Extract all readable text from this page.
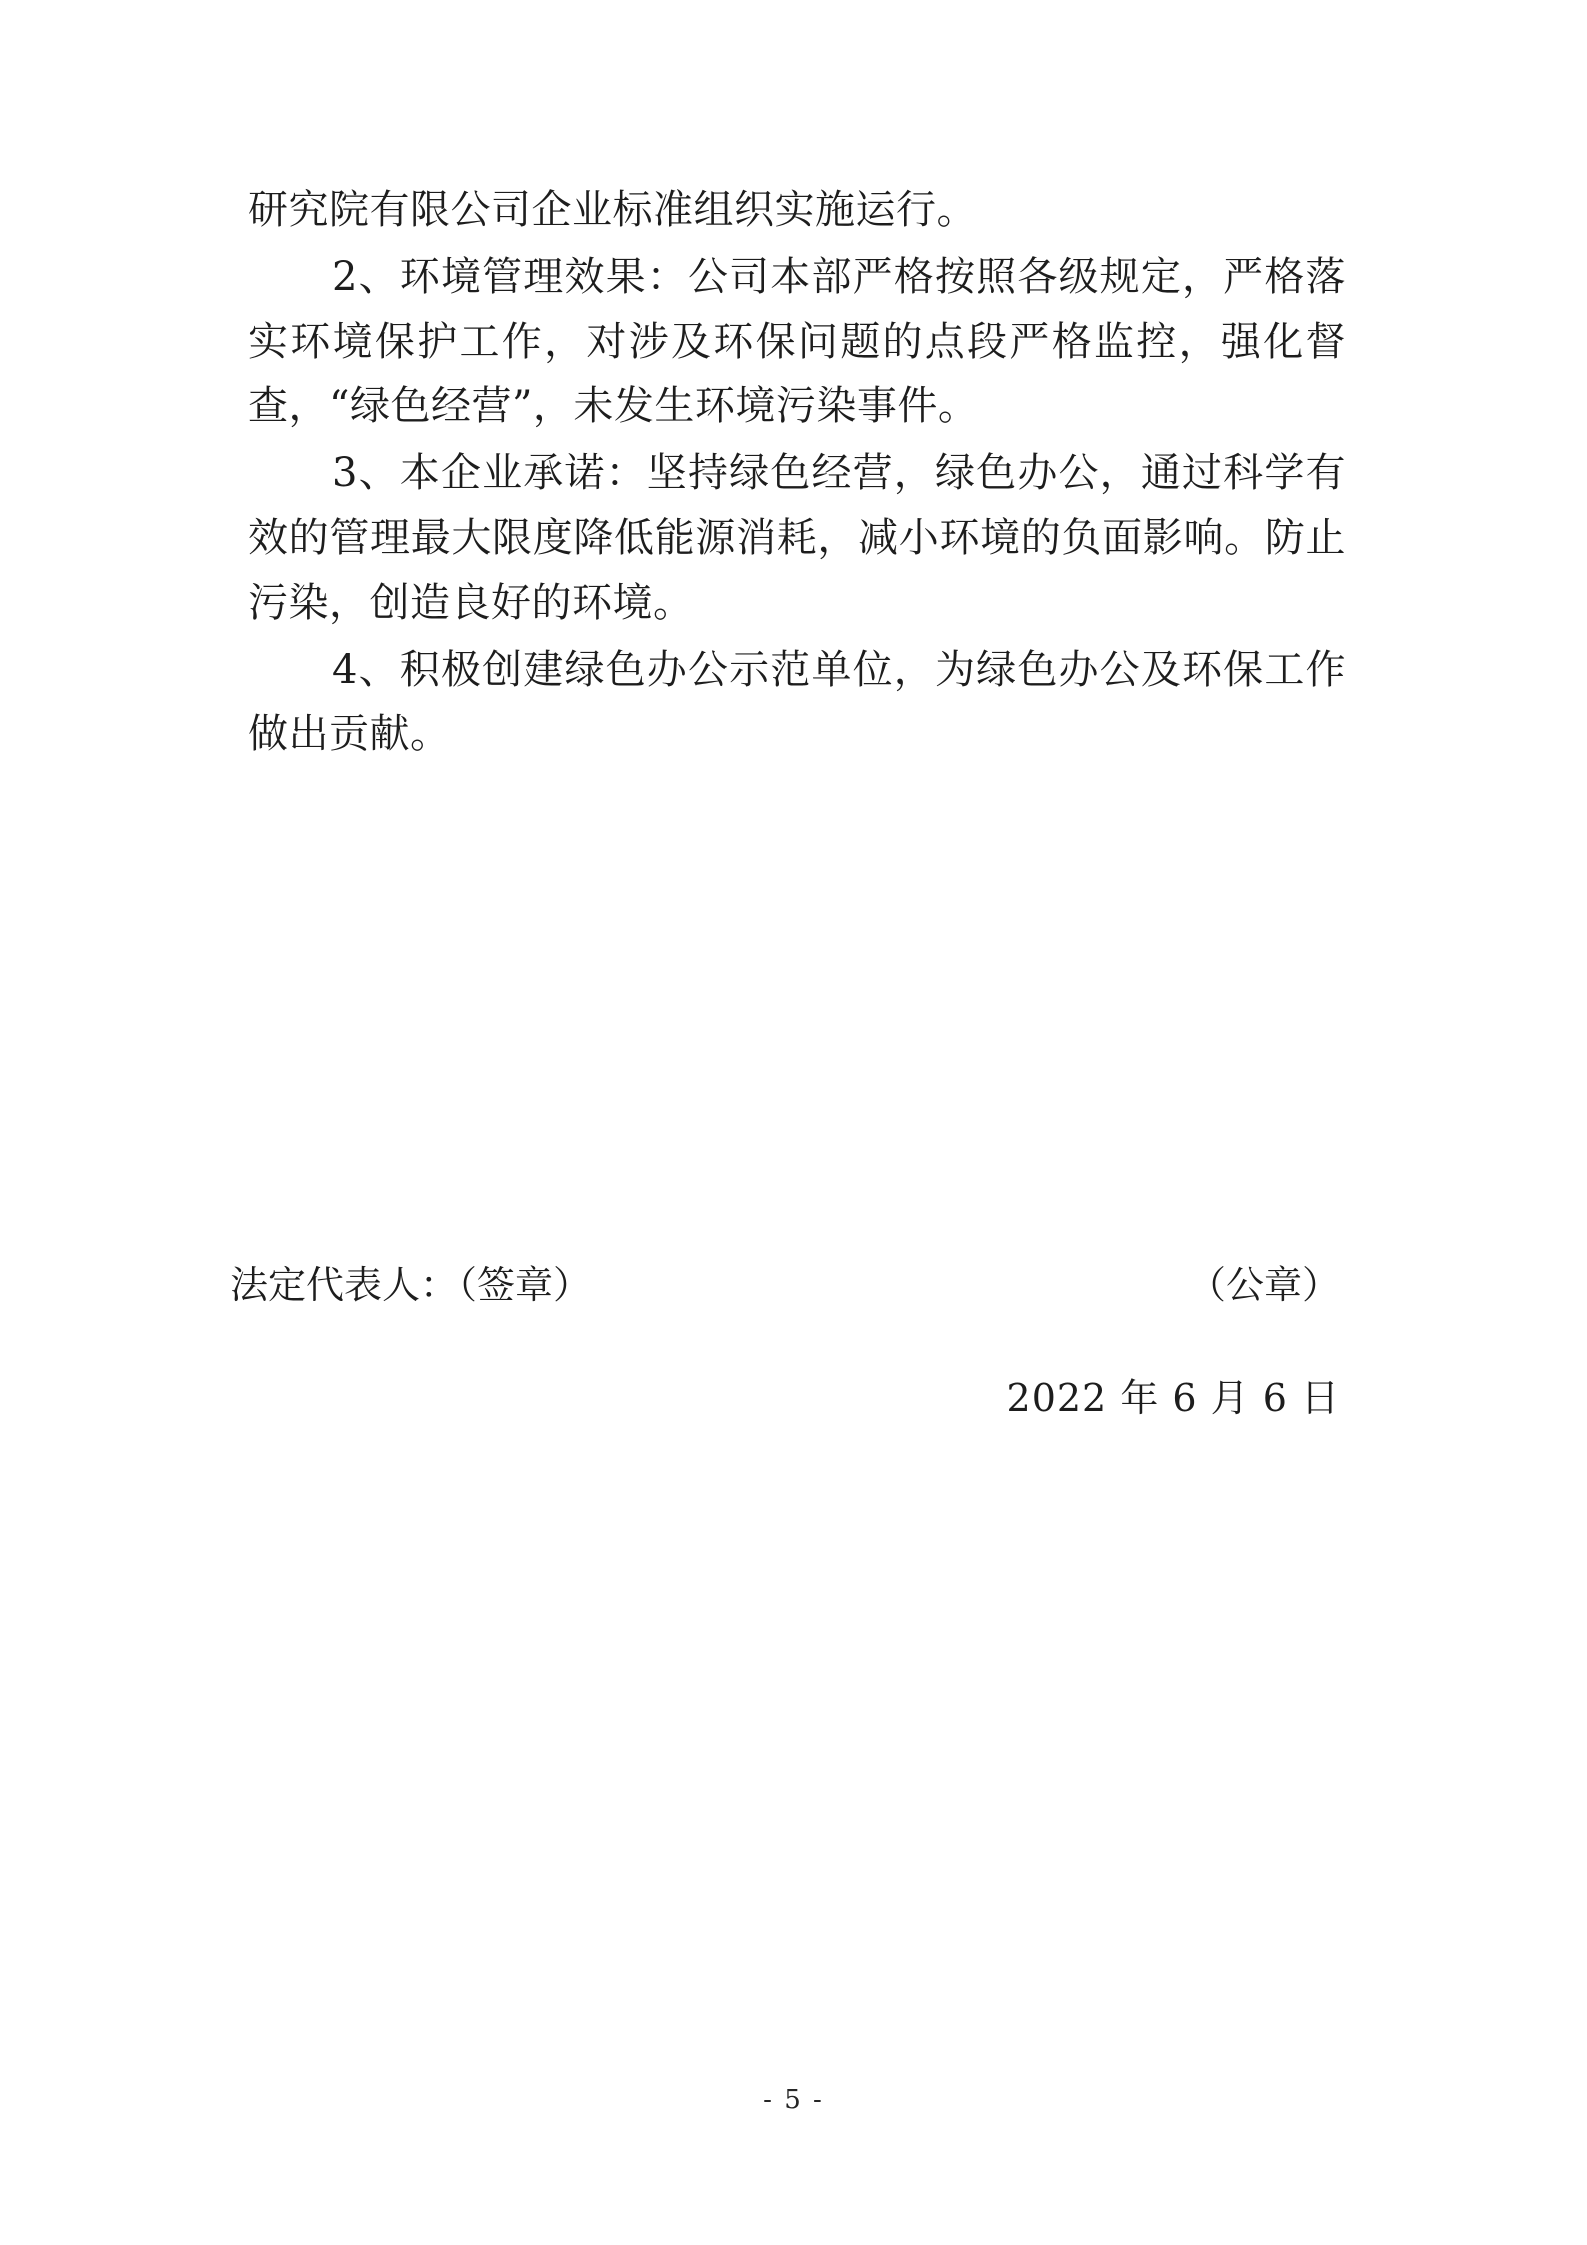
研究院有限公司企业标准组织实施运行。

2、环境管理效果：公司本部严格按照各级规定，严格落实环境保护工作，对涉及环保问题的点段严格监控，强化督查，“绿色经营”，未发生环境污染事件。

3、本企业承诺：坚持绿色经营，绿色办公，通过科学有效的管理最大限度降低能源消耗，减小环境的负面影响。防止污染，创造良好的环境。

4、积极创建绿色办公示范单位，为绿色办公及环保工作做出贡献。

法定代表人：（签章）	（公章）
2022 年 6 月 6 日
- 5 -
